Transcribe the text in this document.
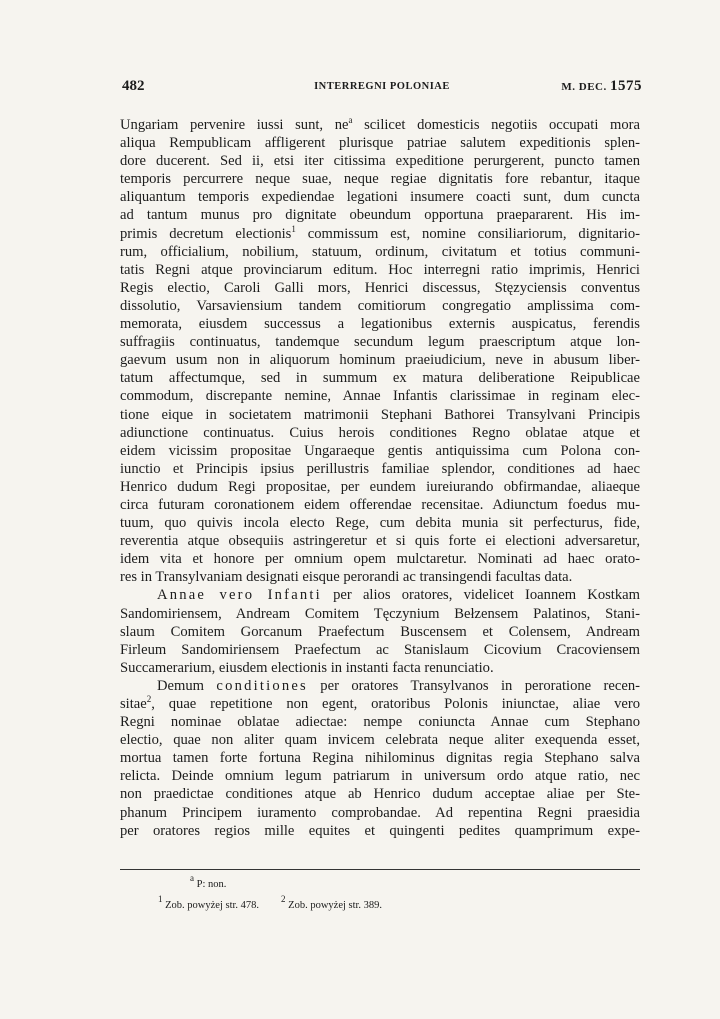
482	INTERREGNI POLONIAE	M. DEC. 1575
Ungariam pervenire iussi sunt, $ne^a$ scilicet domesticis negotiis occupati mora
aliqua Rempublicam affligerent plurisque patriae salutem expeditionis splen-
dore ducerent. Sed ii, etsi iter citissima expeditione perurgerent, puncto tamen
temporis percurrere neque suae, neque regiae dignitatis fore rebantur, itaque
aliquantum temporis expediendae legationi insumere coacti sunt, dum cuncta
ad tantum munus pro dignitate obeundum opportuna praepararent. His im-
primis decretum electionis$^1$ commissum est, nomine consiliariorum, dignitario-
rum, officialium, nobilium, statuum, ordinum, civitatum et totius communi-
tatis Regni atque provinciarum editum. Hoc interregni ratio imprimis, Henrici
Regis electio, Caroli Galli mors, Henrici discessus, Stęzyciensis conventus
dissolutio, Varsaviensium tandem comitiorum congregatio amplissima com-
memorata, eiusdem successus a legationibus externis auspicatus, ferendis
suffragiis continuatus, tandemque secundum legum praescriptum atque lon-
gaevum usum non in aliquorum hominum praeiudicium, neve in abusum liber-
tatum affectumque, sed in summum ex matura deliberatione Reipublicae
commodum, discrepante nemine, Annae Infantis clarissimae in reginam elec-
tione eique in societatem matrimonii Stephani Bathorei Transylvani Principis
adiunctione continuatus. Cuius herois conditiones Regno oblatae atque et
eidem vicissim propositae Ungaraeque gentis antiquissima cum Polona con-
iunctio et Principis ipsius perillustris familiae splendor, conditiones ad haec
Henrico dudum Regi propositae, per eundem iureiurando obfirmandae, aliaeque
circa futuram coronationem eidem offerendae recensitae. Adiunctum foedus mu-
tuum, quo quivis incola electo Rege, cum debita munia sit perfecturus, fide,
reverentia atque obsequiis astringeretur et si quis forte ei electioni adversaretur,
idem vita et honore per omnium opem mulctaretur. Nominati ad haec orato-
res in Transylvaniam designati eisque perorandi ac transingendi facultas data.
Annae vero Infanti per alios oratores, videlicet Ioannem Kostkam
Sandomiriensem, Andream Comitem Tęczynium Bełzensem Palatinos, Stani-
slaum Comitem Gorcanum Praefectum Buscensem et Colensem, Andream
Firleum Sandomiriensem Praefectum ac Stanislaum Cicovium Cracoviensem
Succamerarium, eiusdem electionis in instanti facta renunciatio.
Demum conditiones per oratores Transylvanos in peroratione recen-
sitae$^2$, quae repetitione non egent, oratoribus Polonis iniunctae, aliae vero
Regni nominae oblatae adiectae: nempe coniuncta Annae cum Stephano
electio, quae non aliter quam invicem celebrata neque aliter exequenda esset,
mortua tamen forte fortuna Regina nihilominus dignitas regia Stephano salva
relicta. Deinde omnium legum patriarum in universum ordo atque ratio, nec
non praedictae conditiones atque ab Henrico dudum acceptae aliae per Ste-
phanum Principem iuramento comprobandae. Ad repentina Regni praesidia
per oratores regios mille equites et quingenti pedites quamprimum expe-
$^a$ P: non.
$^1$ Zob. powyżej str. 478.$^2$ Zob. powyżej str. 389.
